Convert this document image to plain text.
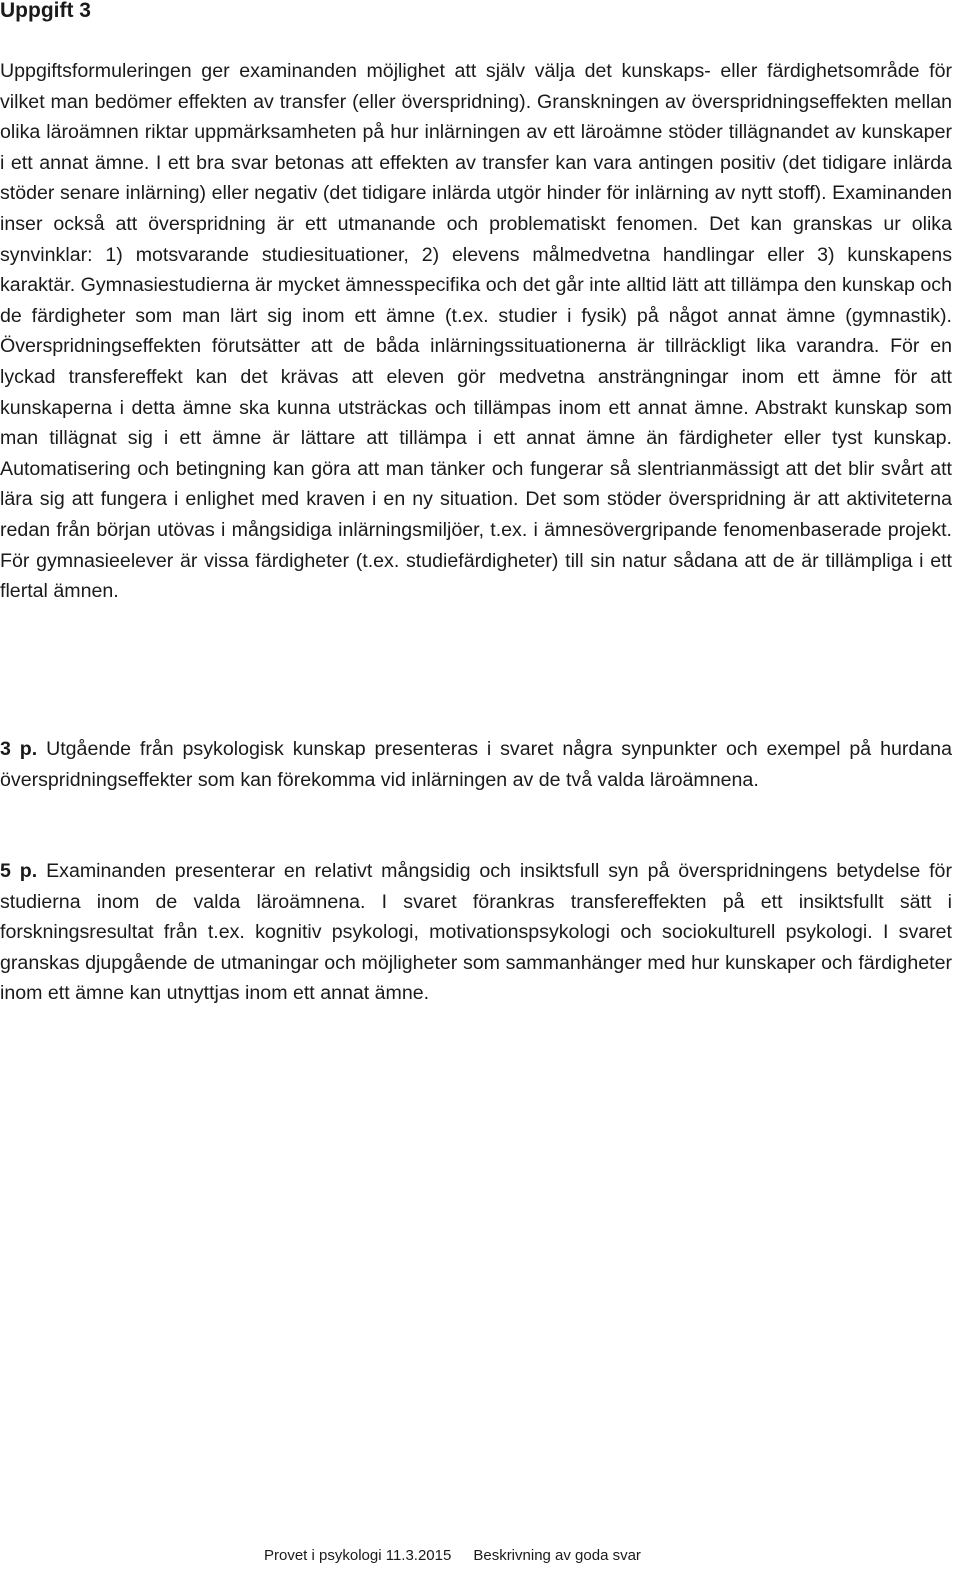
Uppgift 3

Uppgiftsformuleringen ger examinanden möjlighet att själv välja det kunskaps- eller färdighetsområde för vilket man bedömer effekten av transfer (eller överspridning). Granskningen av överspridningseffekten mellan olika läroämnen riktar uppmärksamheten på hur inlärningen av ett läroämne stöder tillägnandet av kunskaper i ett annat ämne. I ett bra svar betonas att effekten av transfer kan vara antingen positiv (det tidigare inlärda stöder senare inlärning) eller negativ (det tidigare inlärda utgör hinder för inlärning av nytt stoff). Examinanden inser också att överspridning är ett utmanande och problematiskt fenomen. Det kan granskas ur olika synvinklar: 1) motsvarande studiesituationer, 2) elevens målmedvetna handlingar eller 3) kunskapens karaktär. Gymnasiestudierna är mycket ämnesspecifika och det går inte alltid lätt att tillämpa den kunskap och de färdigheter som man lärt sig inom ett ämne (t.ex. studier i fysik) på något annat ämne (gymnastik). Överspridningseffekten förutsätter att de båda inlärningssituationerna är tillräckligt lika varandra. För en lyckad transfereffekt kan det krävas att eleven gör medvetna ansträngningar inom ett ämne för att kunskaperna i detta ämne ska kunna utsträckas och tillämpas inom ett annat ämne. Abstrakt kunskap som man tillägnat sig i ett ämne är lättare att tillämpa i ett annat ämne än färdigheter eller tyst kunskap. Automatisering och betingning kan göra att man tänker och fungerar så slentrianmässigt att det blir svårt att lära sig att fungera i enlighet med kraven i en ny situation. Det som stöder överspridning är att aktiviteterna redan från början utövas i mångsidiga inlärningsmiljöer, t.ex. i ämnesövergripande fenomenbaserade projekt. För gymnasieelever är vissa färdigheter (t.ex. studiefärdigheter) till sin natur sådana att de är tillämpliga i ett flertal ämnen.

3 p. Utgående från psykologisk kunskap presenteras i svaret några synpunkter och exempel på hurdana överspridningseffekter som kan förekomma vid inlärningen av de två valda läroämnena.

5 p. Examinanden presenterar en relativt mångsidig och insiktsfull syn på överspridningens betydelse för studierna inom de valda läroämnena. I svaret förankras transfereffekten på ett insiktsfullt sätt i forskningsresultat från t.ex. kognitiv psykologi, motivationspsykologi och sociokulturell psykologi. I svaret granskas djupgående de utmaningar och möjligheter som sammanhänger med hur kunskaper och färdigheter inom ett ämne kan utnyttjas inom ett annat ämne.

Provet i psykologi 11.3.2015 Beskrivning av goda svar
